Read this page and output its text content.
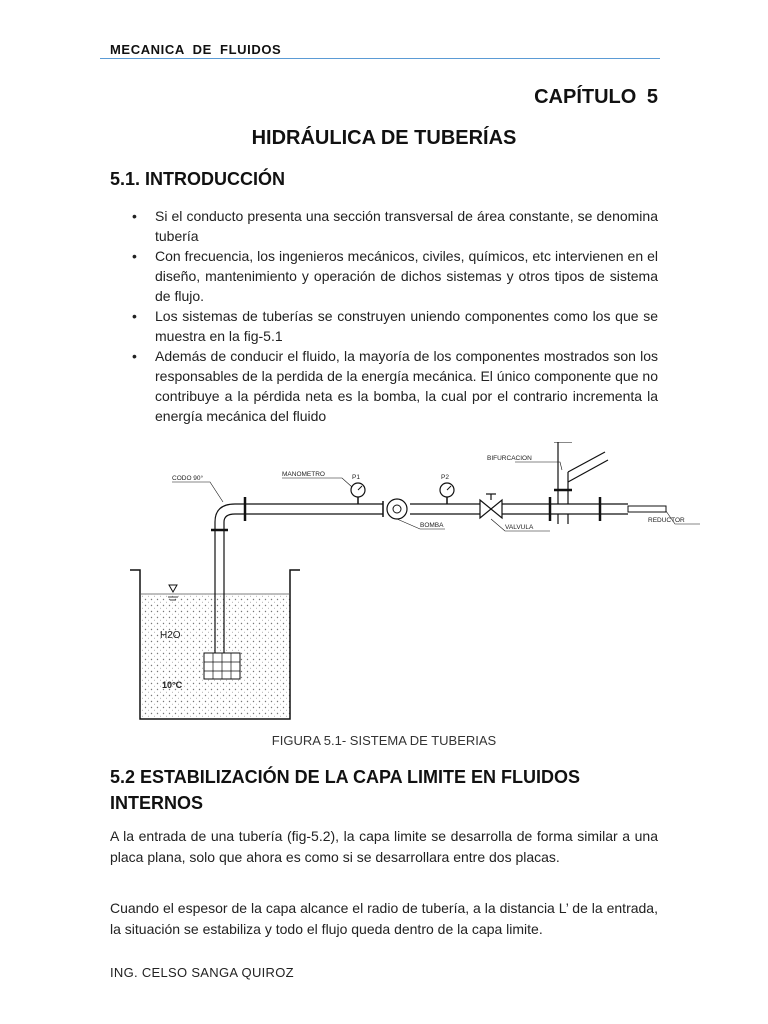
MECANICA DE FLUIDOS
CAPÍTULO 5
HIDRÁULICA DE TUBERÍAS
5.1. INTRODUCCIÓN
• Si el conducto presenta una sección transversal de área constante, se denomina tubería
• Con frecuencia, los ingenieros mecánicos, civiles, químicos, etc intervienen en el diseño, mantenimiento y operación de dichos sistemas y otros tipos de sistema de flujo.
• Los sistemas de tuberías se construyen uniendo componentes como los que se muestra en la fig-5.1
• Además de conducir el fluido, la mayoría de los componentes mostrados son los responsables de la perdida de la energía mecánica. El único componente que no contribuye a la pérdida neta es la bomba, la cual por el contrario incrementa la energía mecánica del fluido
H2O
10°C
CODO 90°
MANOMETRO	P1	P2
BIFURCACION
BOMBA	VALVULA
REDUCTOR
FIGURA 5.1- SISTEMA DE TUBERIAS
5.2 ESTABILIZACIÓN DE LA CAPA LIMITE EN FLUIDOS INTERNOS

A la entrada de una tubería (fig-5.2), la capa limite se desarrolla de forma similar a una placa plana, solo que ahora es como si se desarrollara entre dos placas.

Cuando el espesor de la capa alcance el radio de tubería, a la distancia L’ de la entrada, la situación se estabiliza y todo el flujo queda dentro de la capa limite.

ING. CELSO SANGA QUIROZ
